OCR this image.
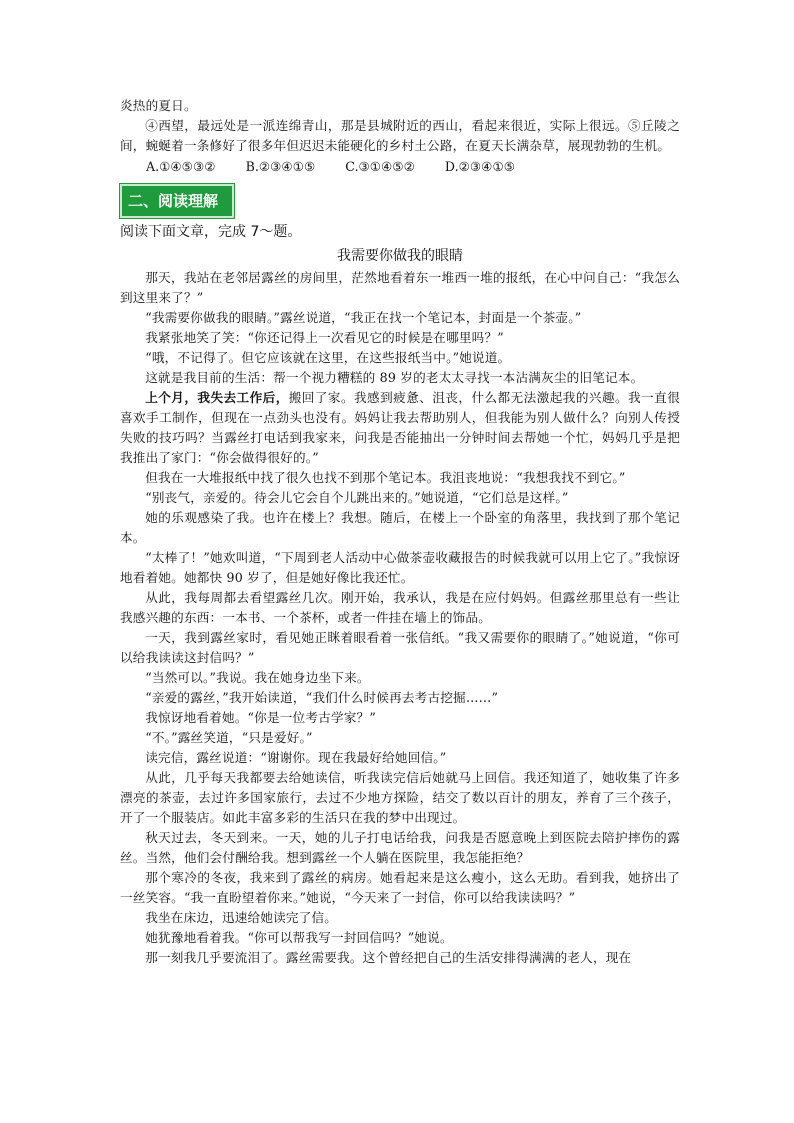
炎热的夏日。

④西望，最远处是一派连绵青山，那是县城附近的西山，看起来很近，实际上很远。⑤丘陵之间，蜿蜒着一条修好了很多年但迟迟未能硬化的乡村土公路，在夏天长满杂草，展现勃勃的生机。

A.①④⑤③② B.②③④①⑤ C.③①④⑤② D.②③④①⑤
二、阅读理解
阅读下面文章，完成 7～题。
我需要你做我的眼睛

那天，我站在老邻居露丝的房间里，茫然地看着东一堆西一堆的报纸，在心中问自己：“我怎么到这里来了？”

“我需要你做我的眼睛。”露丝说道，“我正在找一个笔记本，封面是一个茶壶。”

我紧张地笑了笑：“你还记得上一次看见它的时候是在哪里吗？”

“哦，不记得了。但它应该就在这里，在这些报纸当中。”她说道。

这就是我目前的生活：帮一个视力糟糕的 89 岁的老太太寻找一本沾满灰尘的旧笔记本。

上个月，我失去工作后，搬回了家。我感到疲惫、沮丧，什么都无法激起我的兴趣。我一直很喜欢手工制作，但现在一点劲头也没有。妈妈让我去帮助别人，但我能为别人做什么？向别人传授失败的技巧吗？当露丝打电话到我家来，问我是否能抽出一分钟时间去帮她一个忙，妈妈几乎是把我推出了家门：“你会做得很好的。”

但我在一大堆报纸中找了很久也找不到那个笔记本。我沮丧地说：“我想我找不到它。”

“别丧气，亲爱的。待会儿它会自个儿跳出来的。”她说道，“它们总是这样。”

她的乐观感染了我。也许在楼上？我想。随后，在楼上一个卧室的角落里，我找到了那个笔记本。

“太棒了！”她欢叫道，“下周到老人活动中心做茶壶收藏报告的时候我就可以用上它了。”我惊讶地看着她。她都快 90 岁了，但是她好像比我还忙。

从此，我每周都去看望露丝几次。刚开始，我承认，我是在应付妈妈。但露丝那里总有一些让我感兴趣的东西：一本书、一个茶杯，或者一件挂在墙上的饰品。

一天，我到露丝家时，看见她正眯着眼看着一张信纸。“我又需要你的眼睛了。”她说道，“你可以给我读读这封信吗？”

“当然可以。”我说。我在她身边坐下来。

“亲爱的露丝，”我开始读道，“我们什么时候再去考古挖掘……”

我惊讶地看着她。“你是一位考古学家？”

“不。”露丝笑道，“只是爱好。”

读完信，露丝说道：“谢谢你。现在我最好给她回信。”

从此，几乎每天我都要去给她读信，听我读完信后她就马上回信。我还知道了，她收集了许多漂亮的茶壶，去过许多国家旅行，去过不少地方探险，结交了数以百计的朋友，养育了三个孩子，开了一个服装店。如此丰富多彩的生活只在我的梦中出现过。

秋天过去，冬天到来。一天，她的儿子打电话给我，问我是否愿意晚上到医院去陪护摔伤的露丝。当然，他们会付酬给我。想到露丝一个人躺在医院里，我怎能拒绝？

那个寒冷的冬夜，我来到了露丝的病房。她看起来是这么瘦小，这么无助。看到我，她挤出了一丝笑容。“我一直盼望着你来。”她说，“今天来了一封信，你可以给我读读吗？”

我坐在床边，迅速给她读完了信。

她犹豫地看着我。“你可以帮我写一封回信吗？”她说。

那一刻我几乎要流泪了。露丝需要我。这个曾经把自己的生活安排得满满的老人，现在
